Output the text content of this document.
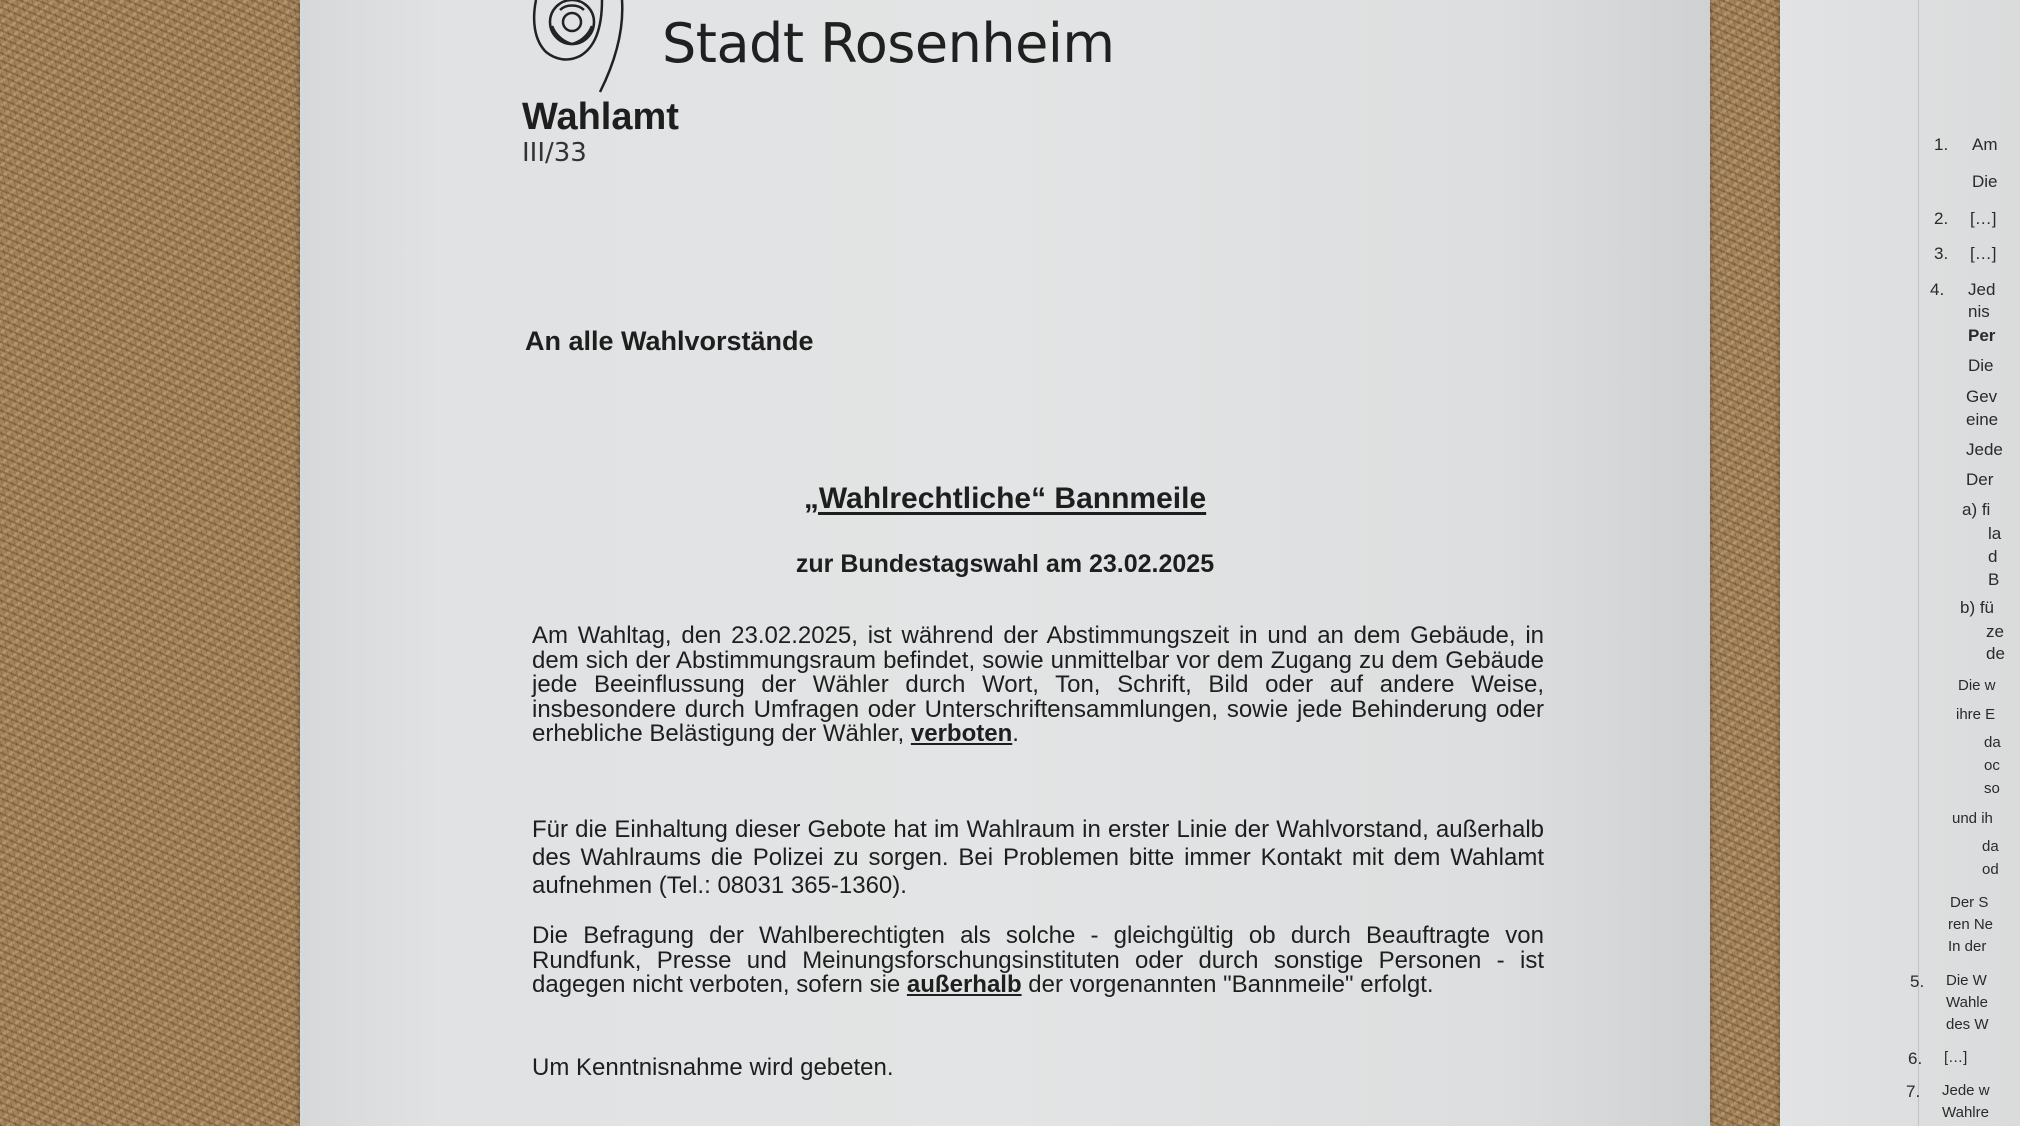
Stadt Rosenheim
Wahlamt
III/33
An alle Wahlvorstände
„Wahlrechtliche“ Bannmeile
zur Bundestagswahl am 23.02.2025
Am Wahltag, den 23.02.2025, ist während der Abstimmungszeit in und an dem Gebäude, in dem sich der Abstimmungsraum befindet, sowie unmittelbar vor dem Zugang zu dem Gebäude jede Beeinflussung der Wähler durch Wort, Ton, Schrift, Bild oder auf andere Weise, insbesondere durch Umfragen oder Unterschriftensammlungen, sowie jede Behinderung oder erhebliche Belästigung der Wähler, verboten.
Für die Einhaltung dieser Gebote hat im Wahlraum in erster Linie der Wahlvorstand, außerhalb des Wahlraums die Polizei zu sorgen. Bei Problemen bitte immer Kontakt mit dem Wahlamt aufnehmen (Tel.: 08031 365-1360).
Die Befragung der Wahlberechtigten als solche - gleichgültig ob durch Beauftragte von Rundfunk, Presse und Meinungsforschungsinstituten oder durch sonstige Personen - ist dagegen nicht verboten, sofern sie außerhalb der vorgenannten "Bannmeile" erfolgt.
Um Kenntnisnahme wird gebeten.
1.
2.
3.
4.
5.
6.
7.
Am
Die
[…]
[…]
Jed
nis
Per
Die
Gev
eine
Jede
Der
a) fi
la
d
B
b) fü
ze
de
Die w
ihre E
da
oc
so
und ih
da
od
Der S
ren Ne
In der
Die W
Wahle
des W
[…]
Jede w
Wahlre
